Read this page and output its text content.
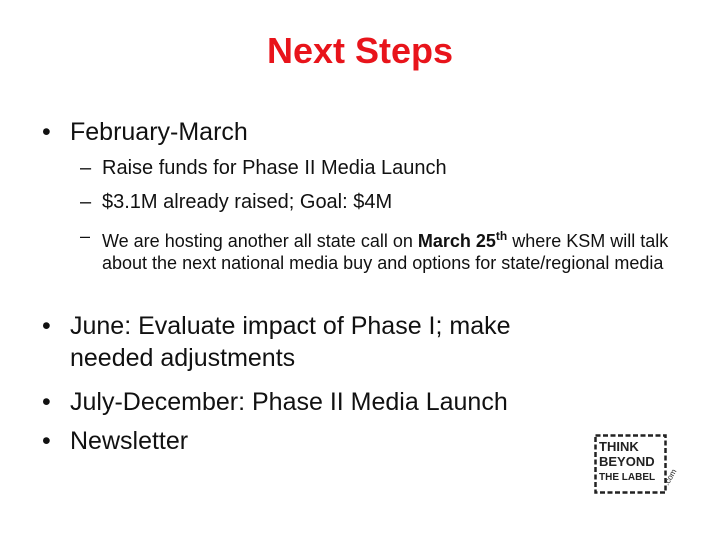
Next Steps
• February-March
– Raise funds for Phase II Media Launch
– $3.1M already raised; Goal: $4M
– We are hosting another all state call on March 25th where KSM will talk about the next national media buy and options for state/regional media
• June: Evaluate impact of Phase I; make needed adjustments
• July-December: Phase II Media Launch
• Newsletter	THINK
BEYOND
THE LABEL .com
